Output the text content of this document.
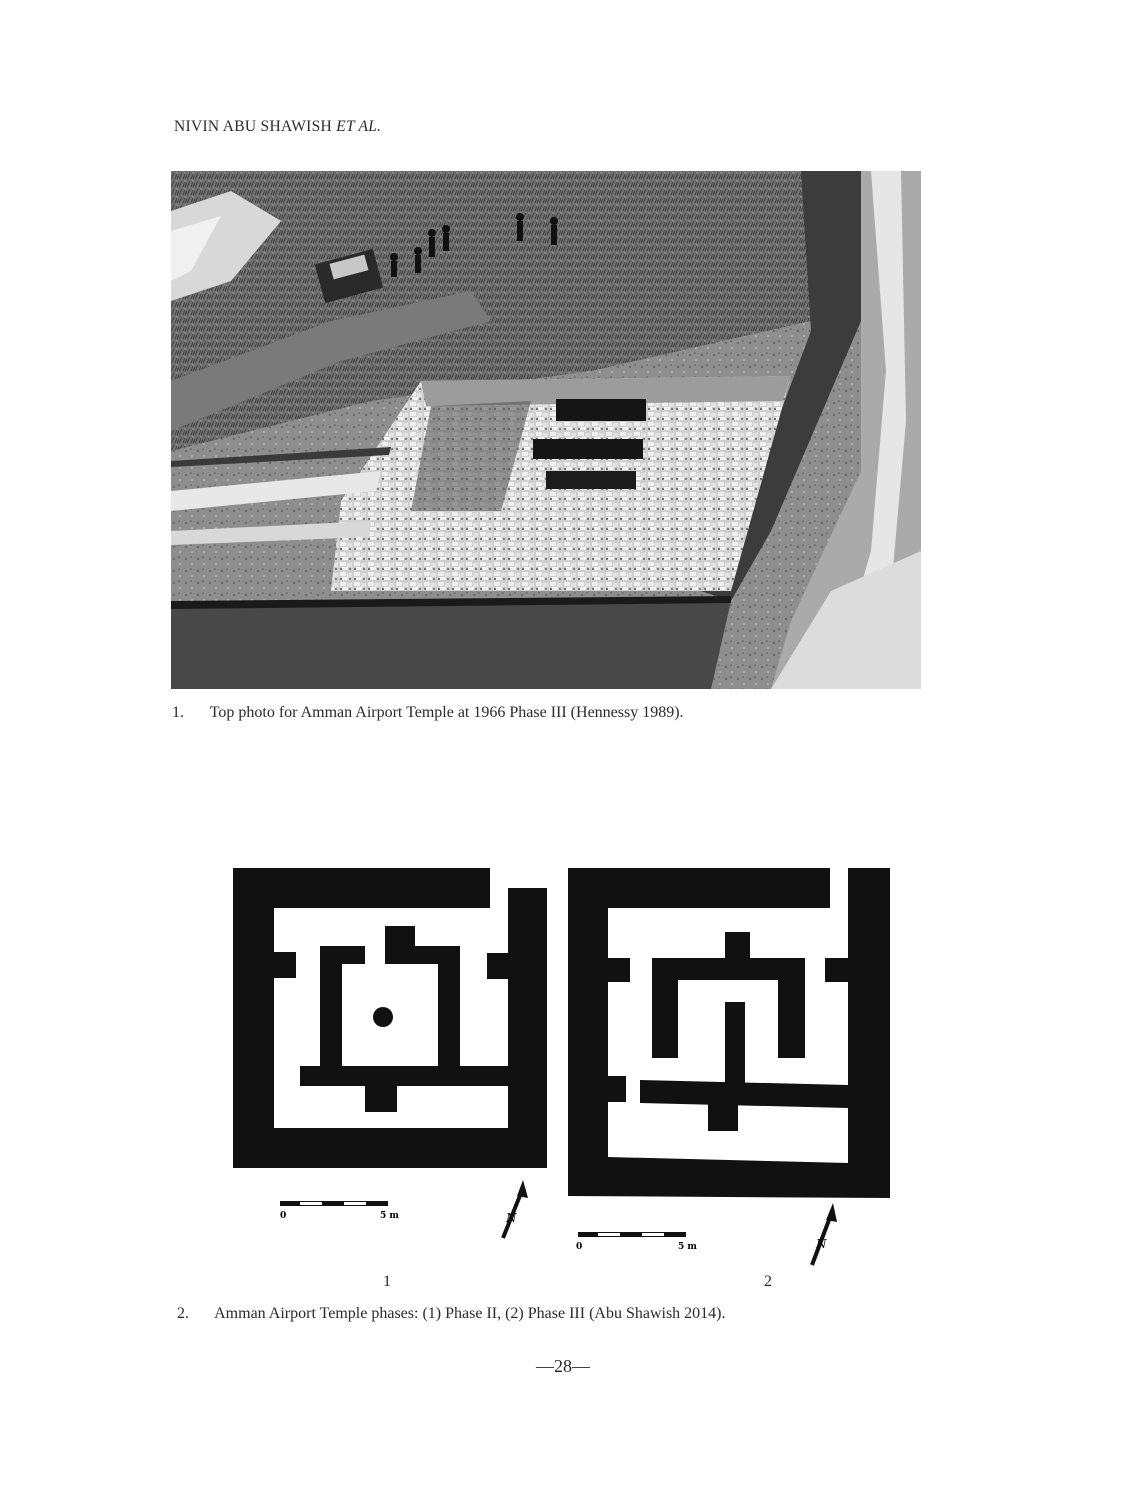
NIVIN ABU SHAWISH ET AL.
1. Top photo for Amman Airport Temple at 1966 Phase III (Hennessy 1989).
0	5 m	N
0	5 m	N
1	2
2. Amman Airport Temple phases: (1) Phase II, (2) Phase III (Abu Shawish 2014).
—28—
